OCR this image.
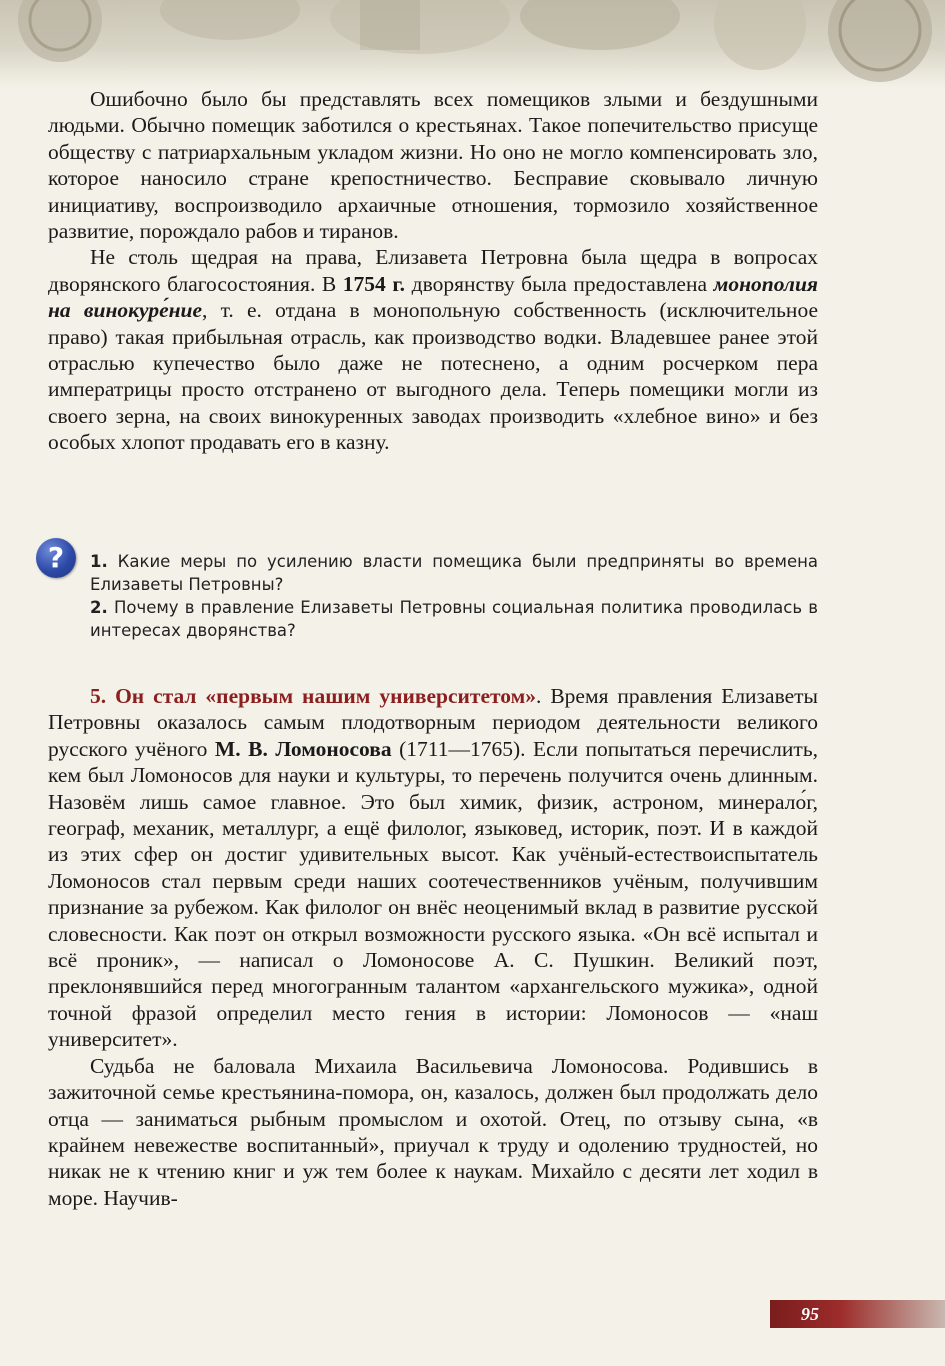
Ошибочно было бы представлять всех помещиков злыми и бездушными людьми. Обычно помещик заботился о крестьянах. Такое попечительство присуще обществу с патриархальным укладом жизни. Но оно не могло компенсировать зло, которое наносило стране крепостничество. Бесправие сковывало личную инициативу, воспроизводило архаичные отношения, тормозило хозяйственное развитие, порождало рабов и тиранов.

Не столь щедрая на права, Елизавета Петровна была щедра в вопросах дворянского благосостояния. В 1754 г. дворянству была предоставлена монополия на винокуре́ние, т. е. отдана в монопольную собственность (исключительное право) такая прибыльная отрасль, как производство водки. Владевшее ранее этой отраслью купечество было даже не потеснено, а одним росчерком пера императрицы просто отстранено от выгодного дела. Теперь помещики могли из своего зерна, на своих винокуренных заводах производить «хлебное вино» и без особых хлопот продавать его в казну.

?	1. Какие меры по усилению власти помещика были предприняты во времена Елизаветы Петровны?

2. Почему в правление Елизаветы Петровны социальная политика проводилась в интересах дворянства?

5. Он стал «первым нашим университетом». Время правления Елизаветы Петровны оказалось самым плодотворным периодом деятельности великого русского учёного М. В. Ломоносова (1711—1765). Если попытаться перечислить, кем был Ломоносов для науки и культуры, то перечень получится очень длинным. Назовём лишь самое главное. Это был химик, физик, астроном, минерало́г, географ, механик, металлург, а ещё филолог, языковед, историк, поэт. И в каждой из этих сфер он достиг удивительных высот. Как учёный-естествоиспытатель Ломоносов стал первым среди наших соотечественников учёным, получившим признание за рубежом. Как филолог он внёс неоценимый вклад в развитие русской словесности. Как поэт он открыл возможности русского языка. «Он всё испытал и всё проник», — написал о Ломоносове А. С. Пушкин. Великий поэт, преклонявшийся перед многогранным талантом «архангельского мужика», одной точной фразой определил место гения в истории: Ломоносов — «наш университет».

Судьба не баловала Михаила Васильевича Ломоносова. Родившись в зажиточной семье крестьянина-помора, он, казалось, должен был продолжать дело отца — заниматься рыбным промыслом и охотой. Отец, по отзыву сына, «в крайнем невежестве воспитанный», приучал к труду и одолению трудностей, но никак не к чтению книг и уж тем более к наукам. Михайло с десяти лет ходил в море. Научив-

95
